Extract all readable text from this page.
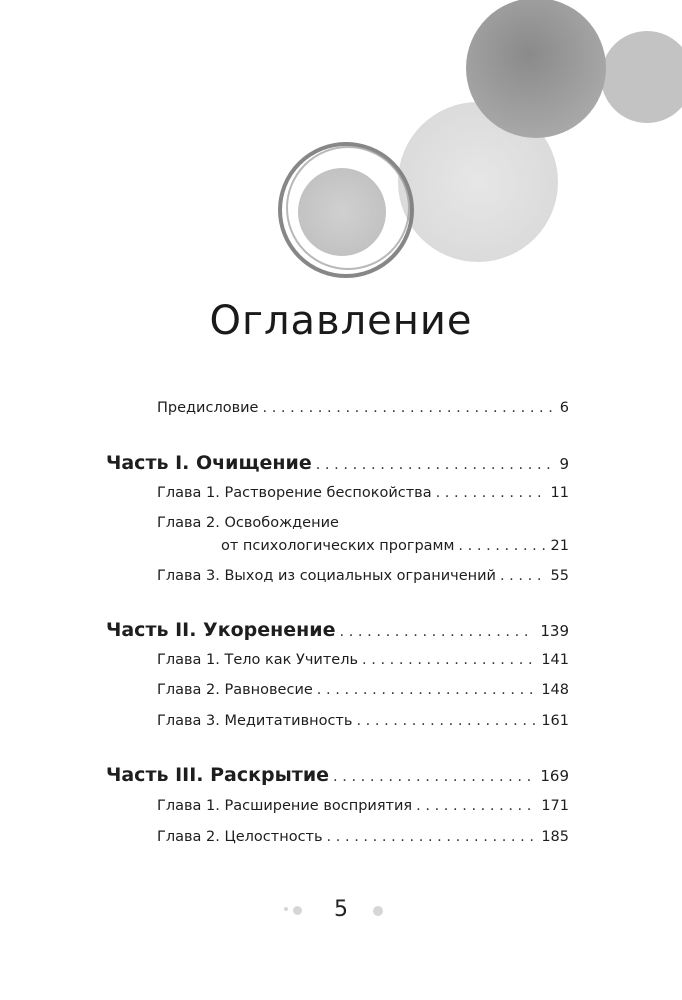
Оглавление
Предисловие . . .	6
Часть I. Очищение . . .	9
Глава 1. Растворение беспокойства . . .	11
Глава 2. Освобождение
от психологических программ . . .	21
Глава 3. Выход из социальных ограничений . . .	55
Часть II. Укоренение . . .	139
Глава 1. Тело как Учитель . . .	141
Глава 2. Равновесие . . .	148
Глава 3. Медитативность . . .	161
Часть III. Раскрытие . . .	169
Глава 1. Расширение восприятия . . .	171
Глава 2. Целостность . . .	185
5
